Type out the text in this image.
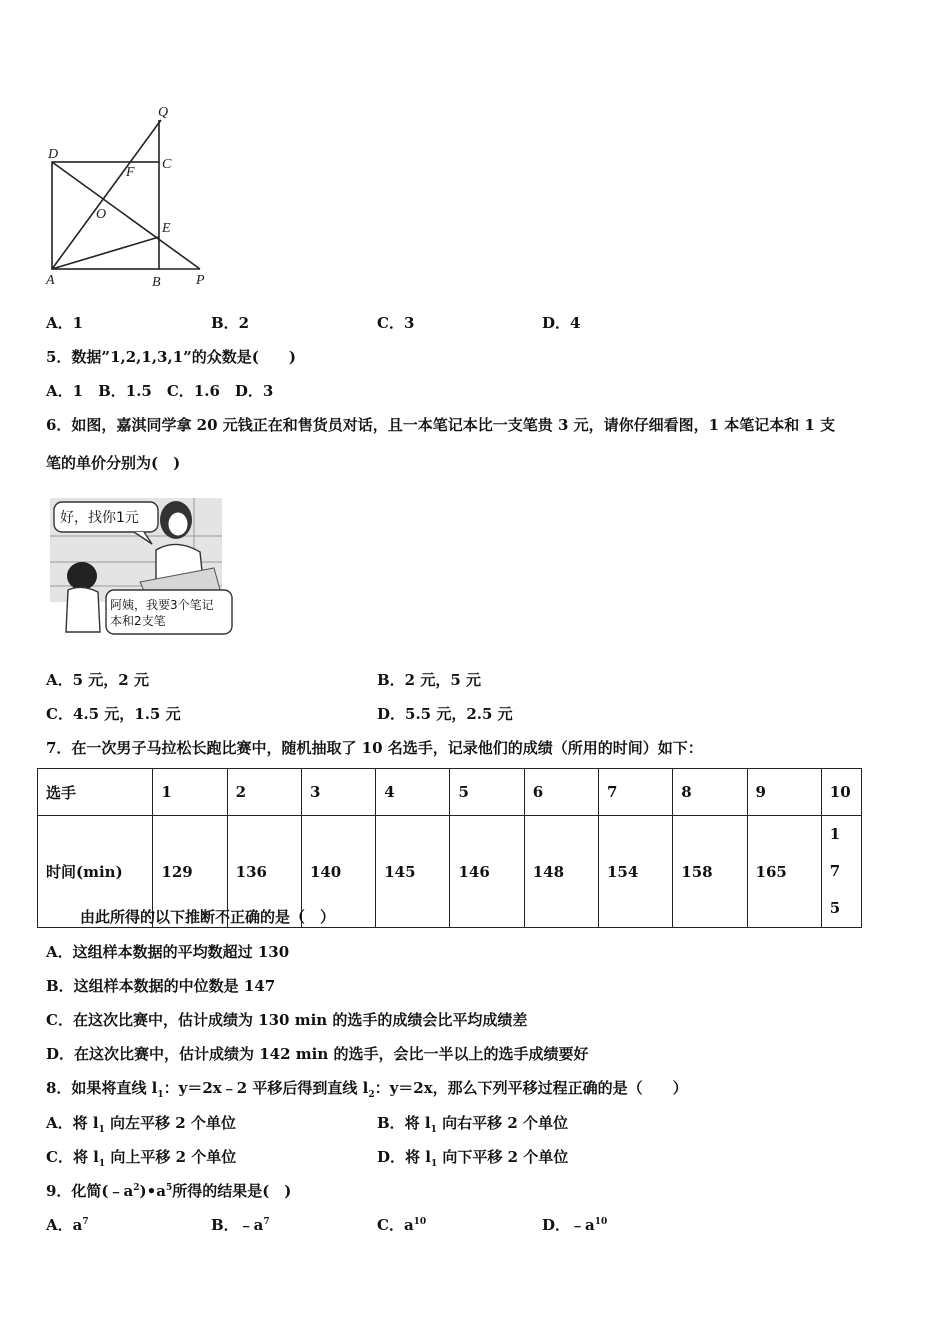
Q
D
C
F
O
E
A	B	P
A．1	B．2	C．3	D．4
5．数据”1,2,1,3,1”的众数是(　　)
A．1　B．1.5　C．1.6　D．3
6．如图，嘉淇同学拿 20 元钱正在和售货员对话，且一本笔记本比一支笔贵 3 元，请你仔细看图，1 本笔记本和 1 支
笔的单价分别为(　)
好，找你1元
阿姨，我要3个笔记
本和2支笔
A．5 元，2 元	B．2 元，5 元
C．4.5 元，1.5 元	D．5.5 元，2.5 元
7．在一次男子马拉松长跑比赛中，随机抽取了 10 名选手，记录他们的成绩（所用的时间）如下：
选手	1	2	3	4	5	6	7	8	9	10
时间(min)	129	136	140	145	146	148	154	158	165	175
由此所得的以下推断不正确的是（　）
A．这组样本数据的平均数超过 130
B．这组样本数据的中位数是 147
C．在这次比赛中，估计成绩为 130 min 的选手的成绩会比平均成绩差
D．在这次比赛中，估计成绩为 142 min 的选手，会比一半以上的选手成绩要好
8．如果将直线 $l_1$：y＝2x﹣2 平移后得到直线 $l_2$：y＝2x，那么下列平移过程正确的是（　　）
A．将 $l_1$ 向左平移 2 个单位	B．将 $l_1$ 向右平移 2 个单位
C．将 $l_1$ 向上平移 2 个单位	D．将 $l_1$ 向下平移 2 个单位
9．化简$(﹣a^2)•a^5$所得的结果是(　)
A．$a^7$	B．$﹣a^7$	C．$a^{10}$	D．$﹣a^{10}$
